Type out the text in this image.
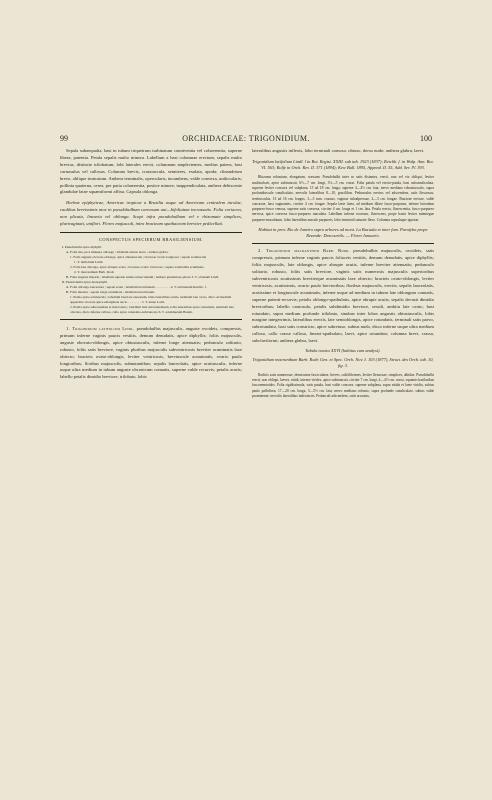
99	ORCHIDACEAE: TRIGONIDIUM.	100

Sepala subaequalia, basi in tubum triquetrum turbinatum conniventia vel cohaerentia, superne libera, patentia. Petala sepalis multo minora. Labellum a basi columnae erectum, sepalis multo brevius, distincte trilobatum; lobi laterales erecti, columnam amplectentes, medius patens, basi carnosulus vel callosus. Columna brevis, crassiuscula, semiteres, exalata, apoda; clinandrium breve, oblique truncatum. Anthera terminalis, opercularis, incumbens, valde convexa, unilocularis; pollinia quaterna, cerea, per paria cohaerentia, postice minore, inappendiculata, anthera dehiscente glandulae latae squamiformi affixa. Capsula oblonga.

Herbae epiphyticae, Americae tropicae a Brasilia usque ad Americam centralem incolae, caulibus brevissimis mox in pseudobulbum carnosum uni—bifoliatum incrassatis. Folia coriacea, non plicata, linearia vel oblonga. Scapi infra pseudobulbum vel e rhizomate simplices, plurivaginati, uniflori. Flores majusculi, intra bracteam spathaceam breviter pedicellati.

CONSPECTUS SPECIERUM BRASILIENSIUM.
I. Pseudobulbi apice diphylli.
A. Folia lata, pica minuere oblonga ; labellum subtus laeve ; anthera glabra.
1. Folia anguste obovato-oblonga, apice obtusiuscula ; bracteae ovario longiores ; sepala acutiuscula
1. T. latifolium Lindl.
2. Folia late oblonga, apice abrupte acuta ; bracteae ovario breviores ; sepala acutissima acuminata
2. T. macranthum Barb. Rodr.
B. Folia angusta linearia ; labellum superne subtus tuberculatum ; anthera glandulose-pilosa 3. T. obtusum Lindl.
II. Pseudobulbi apice monophylli.
A. Folia oblongo-lanceolata ; sepala acuta ; labellum bicarinatum . . . . . . . . . 4. T. turbinatum Reichb. f.
B. Folia linearia ; sepala longe acuminata ; labellum unicallosum.
1. Petala apice acutiuscula ; labellum basi late cuneatum, lobis lateralibus acutis, terminali late ovato, disco ad medium appendice obovata apice emarginata aucto . . . . . . . . 5. T. tenue Lodd.
2. Petala apice subrotundata et mucronata ; labellum basi subrotundatum, lobis lateralibus apice rotundatis, terminali late obovato, disco inferne calloso, callo apice rotundato-subtruncato 6. T. acuminatum Batem.

1. Trigonidium latifolium Lindl. pseudobulbis majusculis, anguste ovoideis, compressis, primum inferne vaginis paucis vestitis, demum denudatis, apice diphyllis; foliis majusculis, anguste obovato-oblongis, apice obtusiusculis, inferne longe attenuatis; pedunculo solitario, robusto, foliis satis breviore, vaginis pluribus majusculis subventricosis breviter acuminatis laxe obtecto; bracteis ovato-oblongis, leviter ventricosis, breviuscule acuminatis, ovario paulo longioribus; floribus majusculis, subnutantibus; sepalis lanceolatis, apice acutiusculis, inferne usque ultra medium in tubum anguste obconicum connatis, superne valde recurvis; petalis acutis; labello petalis dimidio breviore, trilobato, lobis

lateralibus angustis inflexis, lobo terminali carnoso, obtuso, dorso nudo; anthera glabra, laevi.

Trigonidium latifolium Lindl. l in Bot. Regist. XXIII. sub tab. 1923 (1837); Reichb. f. in Walp. Ann. Bot. VI. 563; Rolfe in Orch. Rev. II. 371 (1894); Kew Bull. 1895, Append. II. 55, Add. Ser. IV. 393.

Rhizoma robustum, elongatum, crassum. Pseudobulbi inter se satis distantes, erecti, non vel vix obliqui, leviter multisulcati, apice subtruncati, 6½—7 cm. longi, 3½—5 cm. crassi. Folia patula vel erecto-patula, basi subcanaliculata, superne leviter concava vel subplana, 15 ad 18 cm. longa, superne 4—4½ cm. lata, nervo mediano robustiusculo, supra profundiuscule canaliculato, nervulis lateralibus 8—10, gracilibus. Pedunculus erectus vel adscendens, satis flexuosus, teretiusculus, 13 ad 16 cm. longus, 3—5 mm. crassus; vaginae subadpressae, 2—3 cm. longae. Bracteae erectae, valde concavae, basi vaginantes, circiter 4 cm. longae. Sepala laete lutea, ad medium dilute fusco-purpurea, inferne luteodum purpureo-fusco venosa, superne satis convexa, circiter 4 cm. longa et 1 cm. lata. Petala erecta, flavescentia, fusco-purpureo nervosa, apice convexa fusco-purpureo maculata. Labellum inferne ecorrum, flavescens, prope basin leviter minutegue purpureo-maculatum, lobis lateralibus macule purpureis, lobo terminali saturate flavo. Columna capsulaque ignotae.

Habitat in prov. Rio de Janeiro supra arbores ad mont. La Bucuala et inter fam. Paraíyba prope Rezende: Descourtils. — Floret Januario.

2. Trigonidium macranthum Barb. Rodr. pseudobulbis majusculis, ovoideis, satis compressis, primum inferne vaginis paucis foliaceis vestitis, demum denudatis, apice diphyllis; foliis majusculis, late oblongis, apice abrupte acutis, inferne breviter attenuatis; pedunculo solitario, robusto, foliis satis breviore, vaginis satis numerosis majusculis superioribus subventricosis acutissimis breviterque acuminatis laxe obtecto; bracteis ovato-oblongis, leviter ventricosis, acutissimis, ovario paulo brevioribus; floribus majusculis, erectis; sepalis lanceolatis, acutissime et longiuscule acuminatis, inferne usque ad medium in tubum late oblongum connatis, superne patenti-recurvis; petalis oblongo-spathulatis, apice abrupte acutis, sepalis decusti dimidio brevioribus; labello carnosulo, petalis subdimidio breviore, sessili, ambitu late ovato, basi rotundato, supra medium profunde trilobato, sinubus inter lobos angustis obtusiusculis, lobis margine integerrimis, lateralibus erectis, late semioblongis, apice rotundatis, terminali satis parvo, subrotundato, basi satis constricto, apice subretuso, subtus nudo, disco inferne usque ultra medium calloso, callo crasse calloso, lineari-spathulato, laevi, apice rotundato; columna brevi, crassa, subclaviformi; anthera glabra, laevi.

Tabula nostra XXVI (habitus cum analysi).

Trigonidium macranthum Barb. Rodr. Gen. et Spec. Orch. Nov. I. 103 (1877), Struct. des Orch. tab. 10, fig. 3.

Radicis satis numerosae, densissime fasciculatae, breves, subfiliformes, leviter flexuosae, simplices, albidae. Pseudobulbi erecti, non obliqui, laeves, nitidi, intense virides, apice subtruncati, circiter 7 cm. longi, 4—4½ cm. crassi, squamis basilaribus fusconemtoidos. Folia rigidissimula, satis patula, basi valde concava, superne subplana, supra nitida et laete viridia, subtus paulo pallidiora, 17—20 cm. longa, 5—5½ cm. lata; nervo mediano robusto, supra profunde canaliculato, subtus valde prominente; nervulis lateralibus indistinctis. Pedunculi adscendens, satis arcuatus,
